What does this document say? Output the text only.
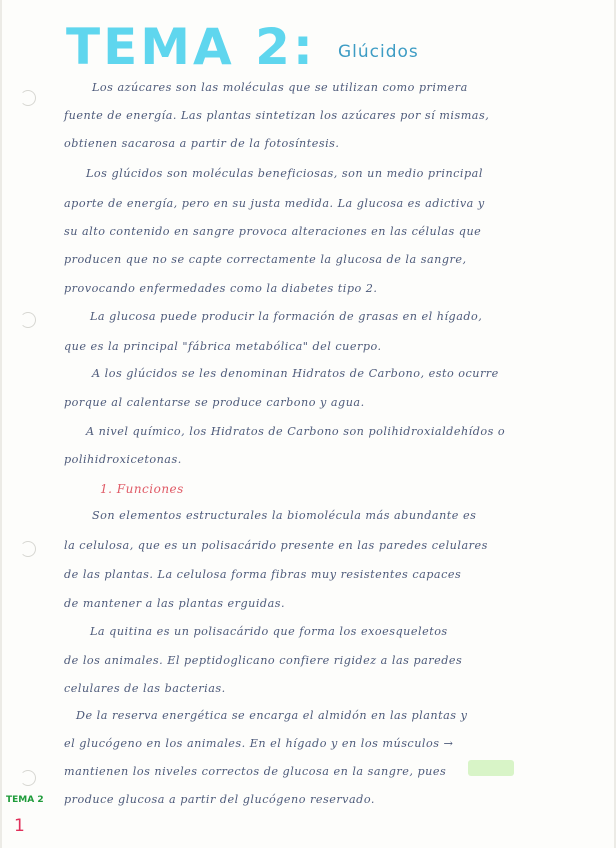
TEMA 2: Glúcidos
Los azúcares son las moléculas que se utilizan como primera
fuente de energía. Las plantas sintetizan los azúcares por sí mismas,
obtienen sacarosa a partir de la fotosíntesis.
Los glúcidos son moléculas beneficiosas, son un medio principal
aporte de energía, pero en su justa medida. La glucosa es adictiva y
su alto contenido en sangre provoca alteraciones en las células que
producen que no se capte correctamente la glucosa de la sangre,
provocando enfermedades como la diabetes tipo 2.
La glucosa puede producir la formación de grasas en el hígado,
que es la principal "fábrica metabólica" del cuerpo.
A los glúcidos se les denominan Hidratos de Carbono, esto ocurre
porque al calentarse se produce carbono y agua.
A nivel químico, los Hidratos de Carbono son polihidroxialdehídos o
polihidroxicetonas.
1. Funciones
Son elementos estructurales la biomolécula más abundante es
la celulosa, que es un polisacárido presente en las paredes celulares
de las plantas. La celulosa forma fibras muy resistentes capaces
de mantener a las plantas erguidas.
La quitina es un polisacárido que forma los exoesqueletos
de los animales. El peptidoglicano confiere rigidez a las paredes
celulares de las bacterias.
De la reserva energética se encarga el almidón en las plantas y
el glucógeno en los animales. En el hígado y en los músculos →
mantienen los niveles correctos de glucosa en la sangre, pues
produce glucosa a partir del glucógeno reservado.
TEMA 2
1
